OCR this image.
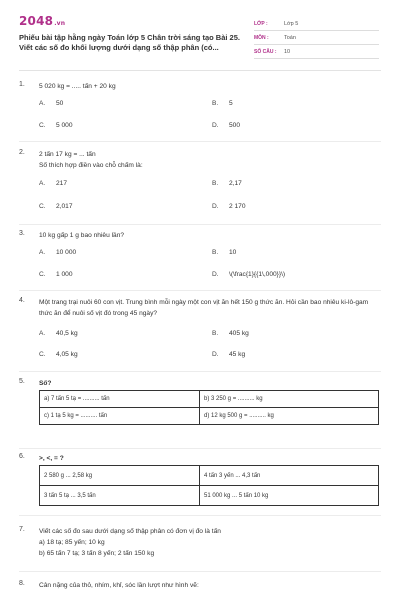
2048.vn
Phiếu bài tập hằng ngày Toán lớp 5 Chân trời sáng tạo Bài 25. Viết các số đo khối lượng dưới dạng số thập phân (có...
LỚP :	Lớp 5
MÔN :	Toán
SỐ CÂU :	10
1. 5 020 kg = ..... tấn + 20 kg
A. 50	B. 5
C. 5 000	D. 500
2. 2 tấn 17 kg = ... tấn
Số thích hợp điền vào chỗ chấm là:
A. 217	B. 2,17
C. 2,017	D. 2 170
3. 10 kg gấp 1 g bao nhiêu lần?
A. 10 000	B. 10
C. 1 000	D. \(\frac{1}{{1\,000}}\)
4. Một trang trại nuôi 60 con vịt. Trung bình mỗi ngày một con vịt ăn hết 150 g thức ăn. Hỏi cần bao nhiêu ki-lô-gam thức ăn để nuôi số vịt đó trong 45 ngày?
A. 40,5 kg	B. 405 kg
C. 4,05 kg	D. 45 kg
5. Số?
a) 7 tấn 5 tạ = .......... tấn	b) 3 250 g = .......... kg
c) 1 tạ 5 kg = .......... tấn	d) 12 kg 500 g = .......... kg
6. >, <, = ?
2 580 g ... 2,58 kg	4 tấn 3 yến ... 4,3 tấn
3 tấn 5 tạ ... 3,5 tấn	51 000 kg ... 5 tấn 10 kg
7. Viết các số đo sau dưới dạng số thập phân có đơn vị đo là tấn
a) 18 tạ; 85 yến; 10 kg
b) 65 tấn 7 tạ; 3 tấn 8 yến; 2 tấn 150 kg
8. Cân nặng của thỏ, nhím, khỉ, sóc lần lượt như hình vẽ:
